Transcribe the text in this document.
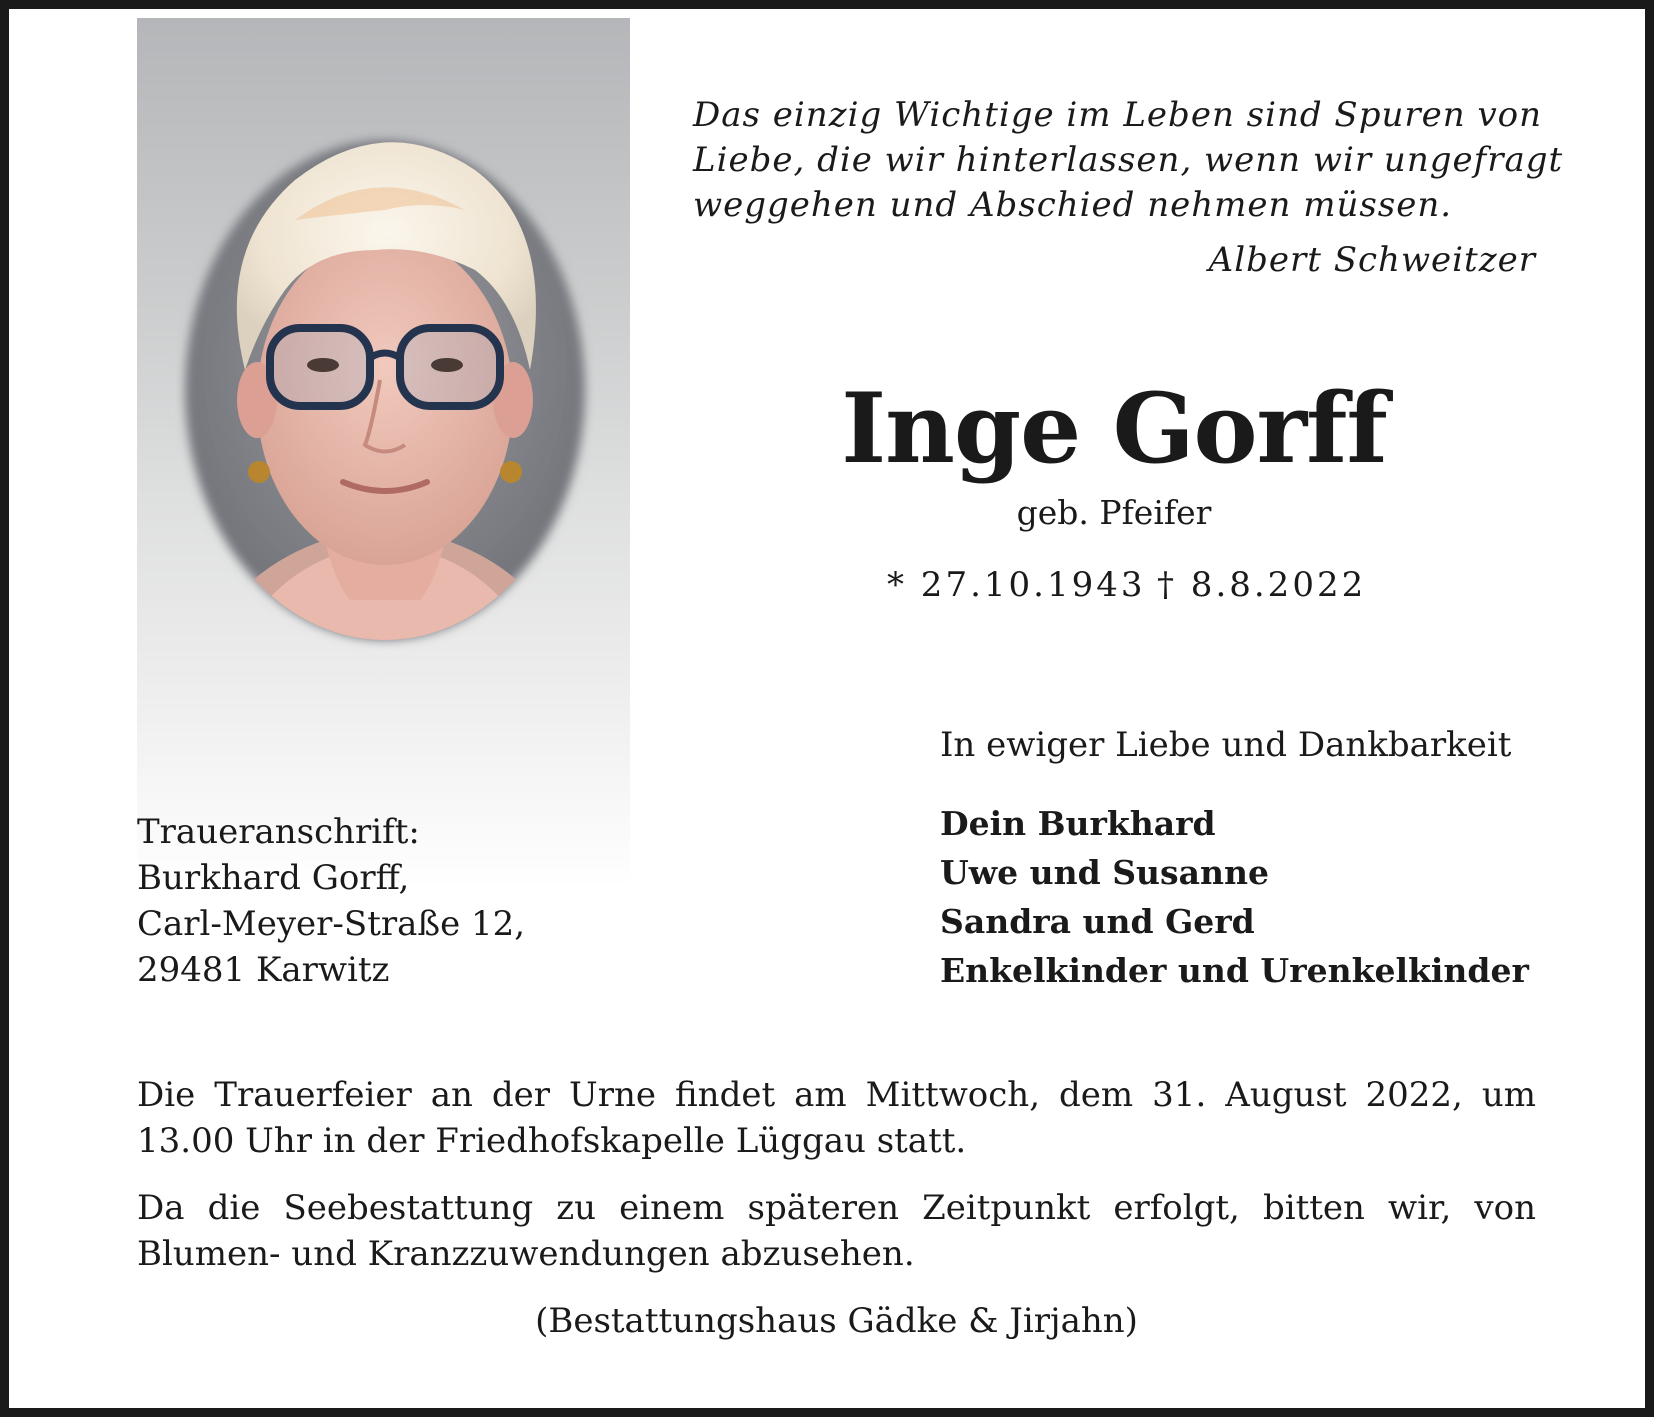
Das einzig Wichtige im Leben sind Spuren von
Liebe, die wir hinterlassen, wenn wir ungefragt
weggehen und Abschied nehmen müssen.
Albert Schweitzer
Inge Gorff
geb. Pfeifer
* 27.10.1943 † 8.8.2022
In ewiger Liebe und Dankbarkeit
Dein Burkhard
Uwe und Susanne
Sandra und Gerd
Enkelkinder und Urenkelkinder
Traueranschrift:
Burkhard Gorff,
Carl-Meyer-Straße 12,
29481 Karwitz
Die Trauerfeier an der Urne findet am Mittwoch, dem 31. August 2022, um 13.00 Uhr in der Friedhofskapelle Lüggau statt.
Da die Seebestattung zu einem späteren Zeitpunkt erfolgt, bitten wir, von Blumen- und Kranzzuwendungen abzusehen.
(Bestattungshaus Gädke & Jirjahn)
